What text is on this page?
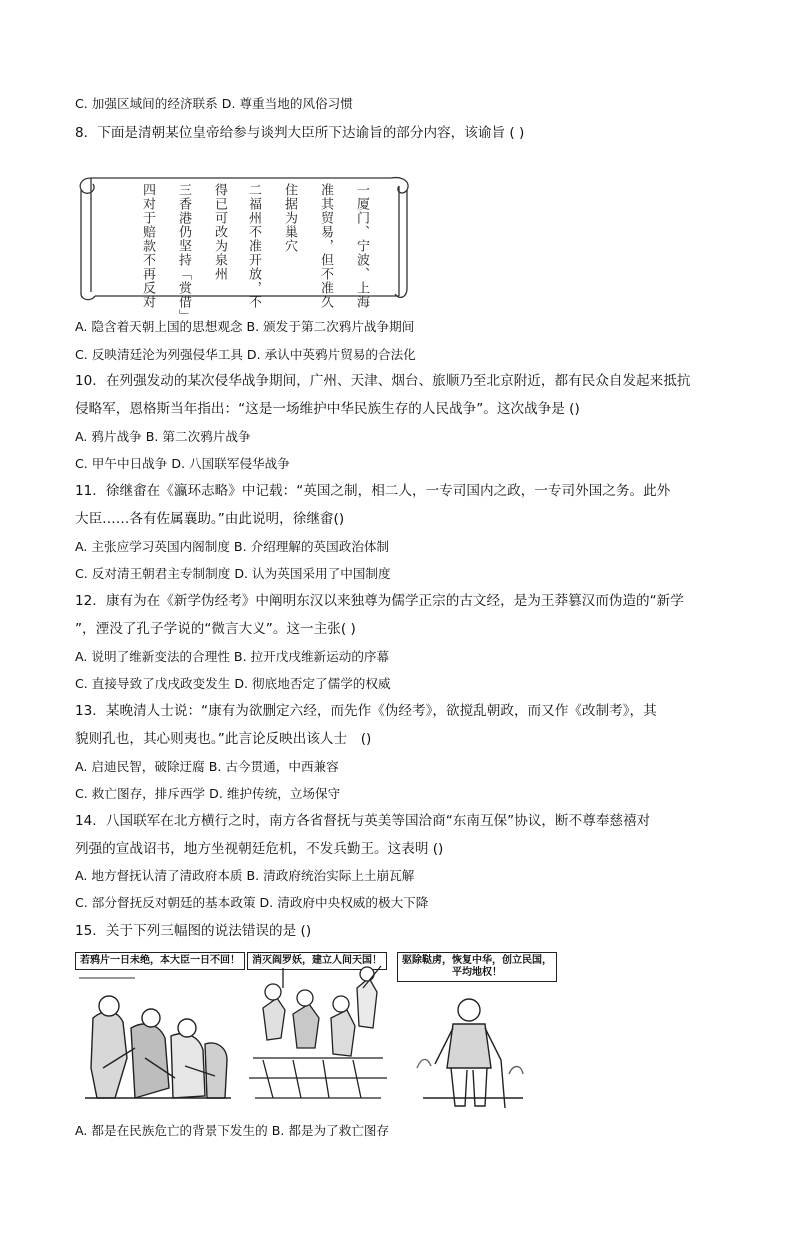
C. 加强区域间的经济联系 D. 尊重当地的风俗习惯
8．下面是清朝某位皇帝给参与谈判大臣所下达谕旨的部分内容，该谕旨 ( )
一厦门、宁波、上海
准其贸易，但不准久
住据为巢穴
二福州不准开放，不
得已可改为泉州
三香港仍坚持「赏借」
四对于赔款不再反对
A. 隐含着天朝上国的思想观念 B. 颁发于第二次鸦片战争期间
C. 反映清廷沦为列强侵华工具 D. 承认中英鸦片贸易的合法化
10．在列强发动的某次侵华战争期间，广州、天津、烟台、旅顺乃至北京附近，都有民众自发起来抵抗
侵略军，恩格斯当年指出：“这是一场维护中华民族生存的人民战争”。这次战争是 ()
A. 鸦片战争 B. 第二次鸦片战争
C. 甲午中日战争 D. 八国联军侵华战争
11．徐继畬在《瀛环志略》中记载：“英国之制，相二人，一专司国内之政，一专司外国之务。此外
大臣……各有佐属襄助。”由此说明，徐继畬()
A. 主张应学习英国内阁制度 B. 介绍理解的英国政治体制
C. 反对清王朝君主专制制度 D. 认为英国采用了中国制度
12．康有为在《新学伪经考》中阐明东汉以来独尊为儒学正宗的古文经，是为王莽篡汉而伪造的“新学
”，湮没了孔子学说的“微言大义”。这一主张( )
A. 说明了维新变法的合理性 B. 拉开戊戌维新运动的序幕
C. 直接导致了戊戌政变发生 D. 彻底地否定了儒学的权威
13．某晚清人士说：“康有为欲删定六经，而先作《伪经考》，欲搅乱朝政，而又作《改制考》，其
貌则孔也，其心则夷也。”此言论反映出该人士　()
A. 启迪民智，破除迂腐 B. 古今贯通，中西兼容
C. 救亡图存，排斥西学 D. 维护传统，立场保守
14．八国联军在北方横行之时，南方各省督抚与英美等国洽商“东南互保”协议，断不尊奉慈禧对
列强的宣战诏书，地方坐视朝廷危机，不发兵勤王。这表明 ()
A. 地方督抚认清了清政府本质 B. 清政府统治实际上土崩瓦解
C. 部分督抚反对朝廷的基本政策 D. 清政府中央权威的极大下降
15．关于下列三幅图的说法错误的是 ()
若鸦片一日未绝，本大臣一日不回！	消灭阎罗妖，建立人间天国！	驱除鞑虏，恢复中华，创立民国，
平均地权！
A. 都是在民族危亡的背景下发生的 B. 都是为了救亡图存
